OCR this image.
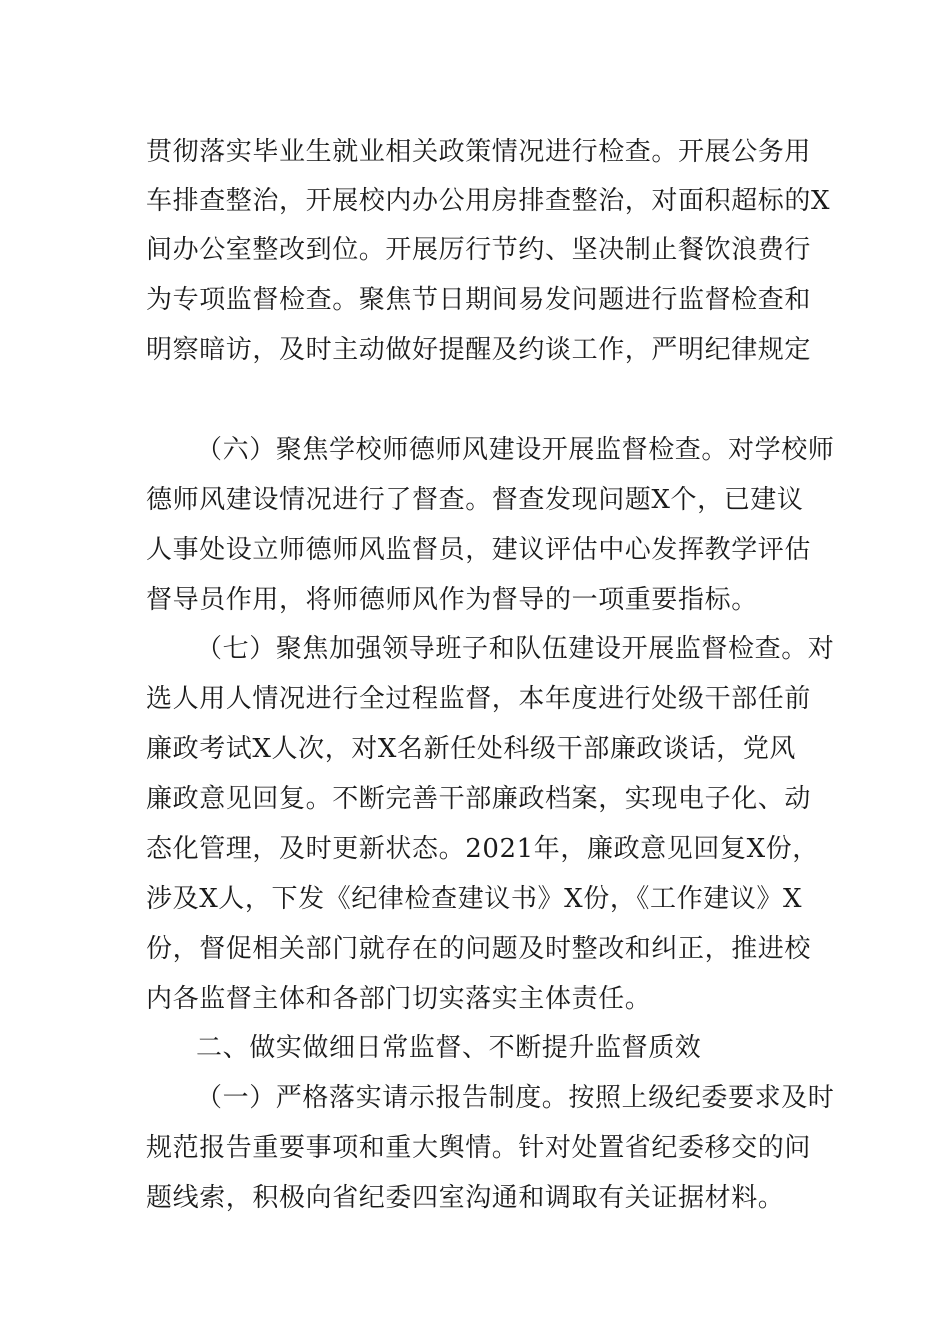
贯彻落实毕业生就业相关政策情况进行检查。开展公务用
车排查整治，开展校内办公用房排查整治，对面积超标的X
间办公室整改到位。开展厉行节约、坚决制止餐饮浪费行
为专项监督检查。聚焦节日期间易发问题进行监督检查和
明察暗访，及时主动做好提醒及约谈工作，严明纪律规定
（六）聚焦学校师德师风建设开展监督检查。对学校师
德师风建设情况进行了督查。督查发现问题X个，已建议
人事处设立师德师风监督员，建议评估中心发挥教学评估
督导员作用，将师德师风作为督导的一项重要指标。
（七）聚焦加强领导班子和队伍建设开展监督检查。对
选人用人情况进行全过程监督，本年度进行处级干部任前
廉政考试X人次，对X名新任处科级干部廉政谈话，党风
廉政意见回复。不断完善干部廉政档案，实现电子化、动
态化管理，及时更新状态。2021年，廉政意见回复X份，
涉及X人，下发《纪律检查建议书》X份，《工作建议》X
份，督促相关部门就存在的问题及时整改和纠正，推进校
内各监督主体和各部门切实落实主体责任。
二、做实做细日常监督、不断提升监督质效
（一）严格落实请示报告制度。按照上级纪委要求及时
规范报告重要事项和重大舆情。针对处置省纪委移交的问
题线索，积极向省纪委四室沟通和调取有关证据材料。
